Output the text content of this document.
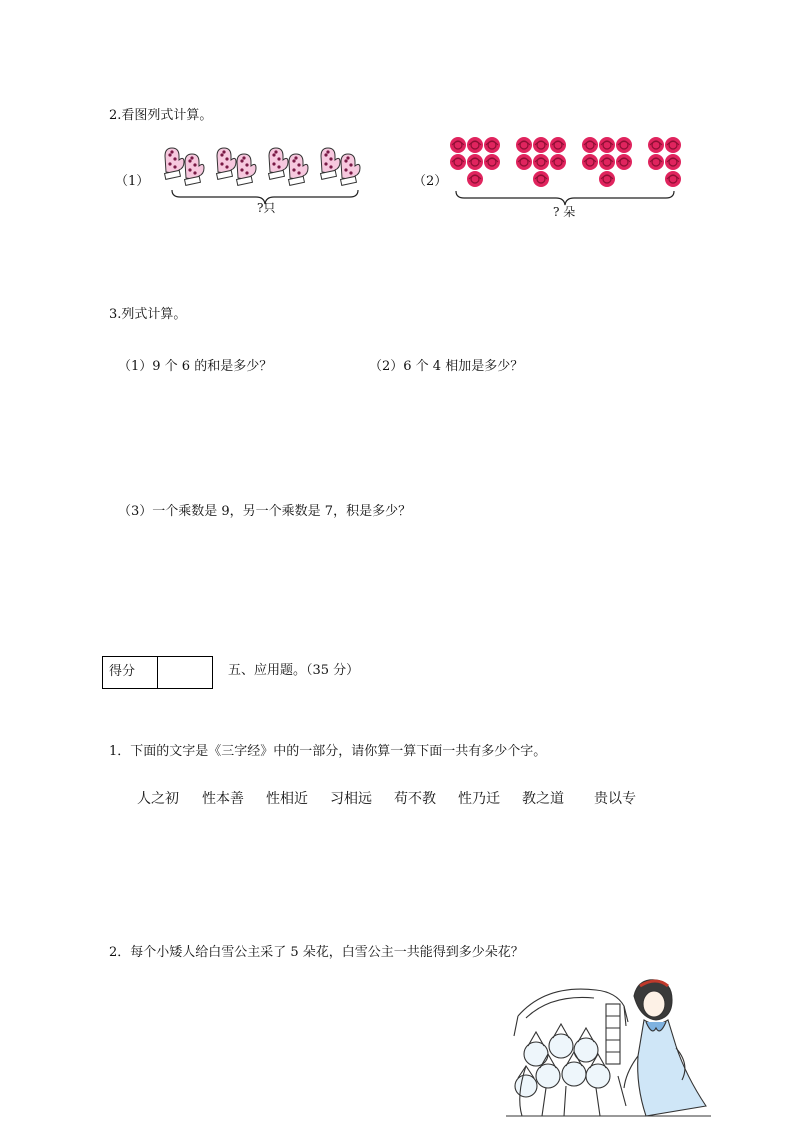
2.看图列式计算。
（1）
?只
（2）
? 朵
3.列式计算。
（1）9 个 6 的和是多少？	（2）6 个 4 相加是多少？
（3）一个乘数是 9，另一个乘数是 7，积是多少？
得分	五、应用题。（35 分）
1．下面的文字是《三字经》中的一部分，请你算一算下面一共有多少个字。
人之初	性本善	性相近	习相远	苟不教	性乃迁	教之道	贵以专
2．每个小矮人给白雪公主采了 5 朵花，白雪公主一共能得到多少朵花？
